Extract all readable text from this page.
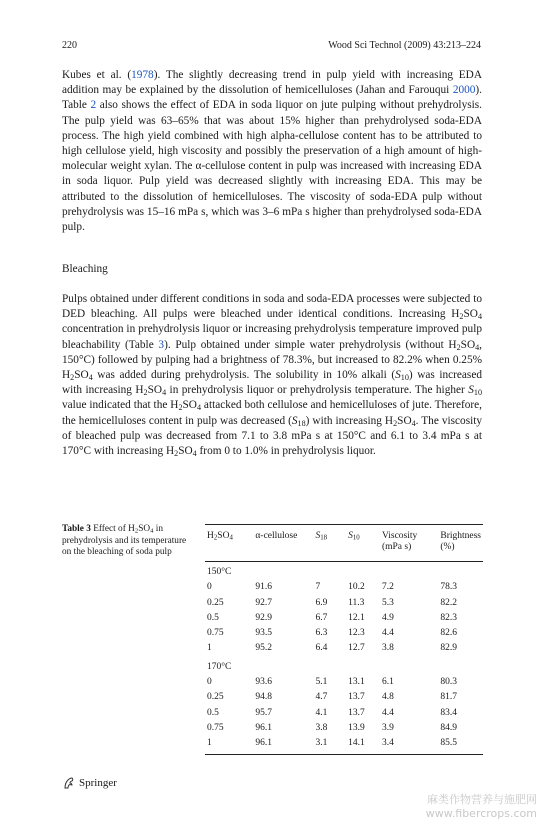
220	Wood Sci Technol (2009) 43:213–224

Kubes et al. (1978). The slightly decreasing trend in pulp yield with increasing EDA addition may be explained by the dissolution of hemicelluloses (Jahan and Farouqui 2000). Table 2 also shows the effect of EDA in soda liquor on jute pulping without prehydrolysis. The pulp yield was 63–65% that was about 15% higher than prehydrolysed soda-EDA process. The high yield combined with high alpha-cellulose content has to be attributed to high cellulose yield, high viscosity and possibly the preservation of a high amount of high-molecular weight xylan. The α-cellulose content in pulp was increased with increasing EDA in soda liquor. Pulp yield was decreased slightly with increasing EDA. This may be attributed to the dissolution of hemicelluloses. The viscosity of soda-EDA pulp without prehydrolysis was 15–16 mPa s, which was 3–6 mPa s higher than prehydrolysed soda-EDA pulp.

Bleaching

Pulps obtained under different conditions in soda and soda-EDA processes were subjected to DED bleaching. All pulps were bleached under identical conditions. Increasing $H_2SO_4$ concentration in prehydrolysis liquor or increasing prehydrolysis temperature improved pulp bleachability (Table 3). Pulp obtained under simple water prehydrolysis (without $H_2SO_4$, 150°C) followed by pulping had a brightness of 78.3%, but increased to 82.2% when 0.25% $H_2SO_4$ was added during prehydrolysis. The solubility in 10% alkali $(S_{10})$ was increased with increasing $H_2SO_4$ in prehydrolysis liquor or prehydrolysis temperature. The higher $S_{10}$ value indicated that the $H_2SO_4$ attacked both cellulose and hemicelluloses of jute. Therefore, the hemicelluloses content in pulp was decreased $(S_{18})$ with increasing $H_2SO_4$. The viscosity of bleached pulp was decreased from 7.1 to 3.8 mPa s at 150°C and 6.1 to 3.4 mPa s at 170°C with increasing $H_2SO_4$ from 0 to 1.0% in prehydrolysis liquor.

Table 3 Effect of $H_2SO_4$ in prehydrolysis and its temperature on the bleaching of soda pulp
$H_2SO_4$	α-cellulose	$S_{18}$	$S_{10}$	Viscosity (mPa s)	Brightness (%)
150°C					
0	91.6	7	10.2	7.2	78.3
0.25	92.7	6.9	11.3	5.3	82.2
0.5	92.9	6.7	12.1	4.9	82.3
0.75	93.5	6.3	12.3	4.4	82.6
1	95.2	6.4	12.7	3.8	82.9
170°C					
0	93.6	5.1	13.1	6.1	80.3
0.25	94.8	4.7	13.7	4.8	81.7
0.5	95.7	4.1	13.7	4.4	83.4
0.75	96.1	3.8	13.9	3.9	84.9
1	96.1	3.1	14.1	3.4	85.5
Springer
麻类作物营养与施肥网
www.fibercrops.com
